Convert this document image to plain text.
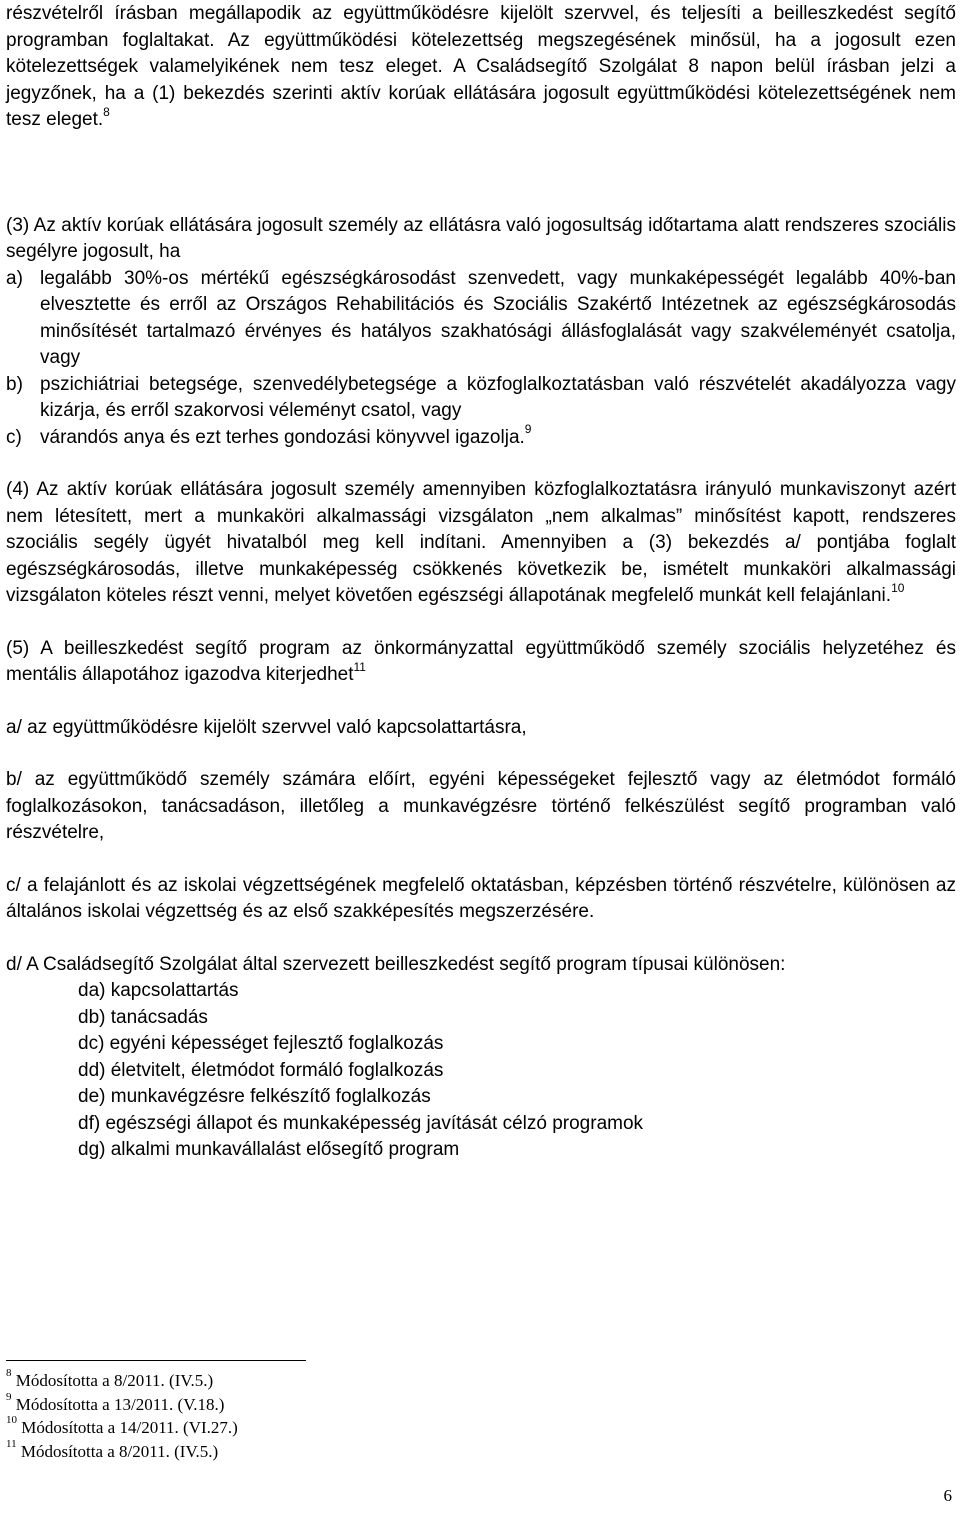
részvételről írásban megállapodik az együttműködésre kijelölt szervvel, és teljesíti a beilleszkedést segítő programban foglaltakat. Az együttműködési kötelezettség megszegésének minősül, ha a jogosult ezen kötelezettségek valamelyikének nem tesz eleget. A Családsegítő Szolgálat 8 napon belül írásban jelzi a jegyzőnek, ha a (1) bekezdés szerinti aktív korúak ellátására jogosult együttműködési kötelezettségének nem tesz eleget.$^8$

(3) Az aktív korúak ellátására jogosult személy az ellátásra való jogosultság időtartama alatt rendszeres szociális segélyre jogosult, ha

a) legalább 30%-os mértékű egészségkárosodást szenvedett, vagy munkaképességét legalább 40%-ban elvesztette és erről az Országos Rehabilitációs és Szociális Szakértő Intézetnek az egészségkárosodás minősítését tartalmazó érvényes és hatályos szakhatósági állásfoglalását vagy szakvéleményét csatolja, vagy
b) pszichiátriai betegsége, szenvedélybetegsége a közfoglalkoztatásban való részvételét akadályozza vagy kizárja, és erről szakorvosi véleményt csatol, vagy
c) várandós anya és ezt terhes gondozási könyvvel igazolja.$^9$

(4) Az aktív korúak ellátására jogosult személy amennyiben közfoglalkoztatásra irányuló munkaviszonyt azért nem létesített, mert a munkaköri alkalmassági vizsgálaton „nem alkalmas” minősítést kapott, rendszeres szociális segély ügyét hivatalból meg kell indítani. Amennyiben a (3) bekezdés a/ pontjába foglalt egészségkárosodás, illetve munkaképesség csökkenés következik be, ismételt munkaköri alkalmassági vizsgálaton köteles részt venni, melyet követően egészségi állapotának megfelelő munkát kell felajánlani.$^{10}$

(5) A beilleszkedést segítő program az önkormányzattal együttműködő személy szociális helyzetéhez és mentális állapotához igazodva kiterjedhet$^{11}$

a/ az együttműködésre kijelölt szervvel való kapcsolattartásra,

b/ az együttműködő személy számára előírt, egyéni képességeket fejlesztő vagy az életmódot formáló foglalkozásokon, tanácsadáson, illetőleg a munkavégzésre történő felkészülést segítő programban való részvételre,

c/ a felajánlott és az iskolai végzettségének megfelelő oktatásban, képzésben történő részvételre, különösen az általános iskolai végzettség és az első szakképesítés megszerzésére.

d/ A Családsegítő Szolgálat által szervezett beilleszkedést segítő program típusai különösen:

da) kapcsolattartás
db) tanácsadás
dc) egyéni képességet fejlesztő foglalkozás
dd) életvitelt, életmódot formáló foglalkozás
de) munkavégzésre felkészítő foglalkozás
df) egészségi állapot és munkaképesség javítását célzó programok
dg) alkalmi munkavállalást elősegítő program

$^8$ Módosította a 8/2011. (IV.5.)

$^9$ Módosította a 13/2011. (V.18.)

$^{10}$ Módosította a 14/2011. (VI.27.)

$^{11}$ Módosította a 8/2011. (IV.5.)

6
